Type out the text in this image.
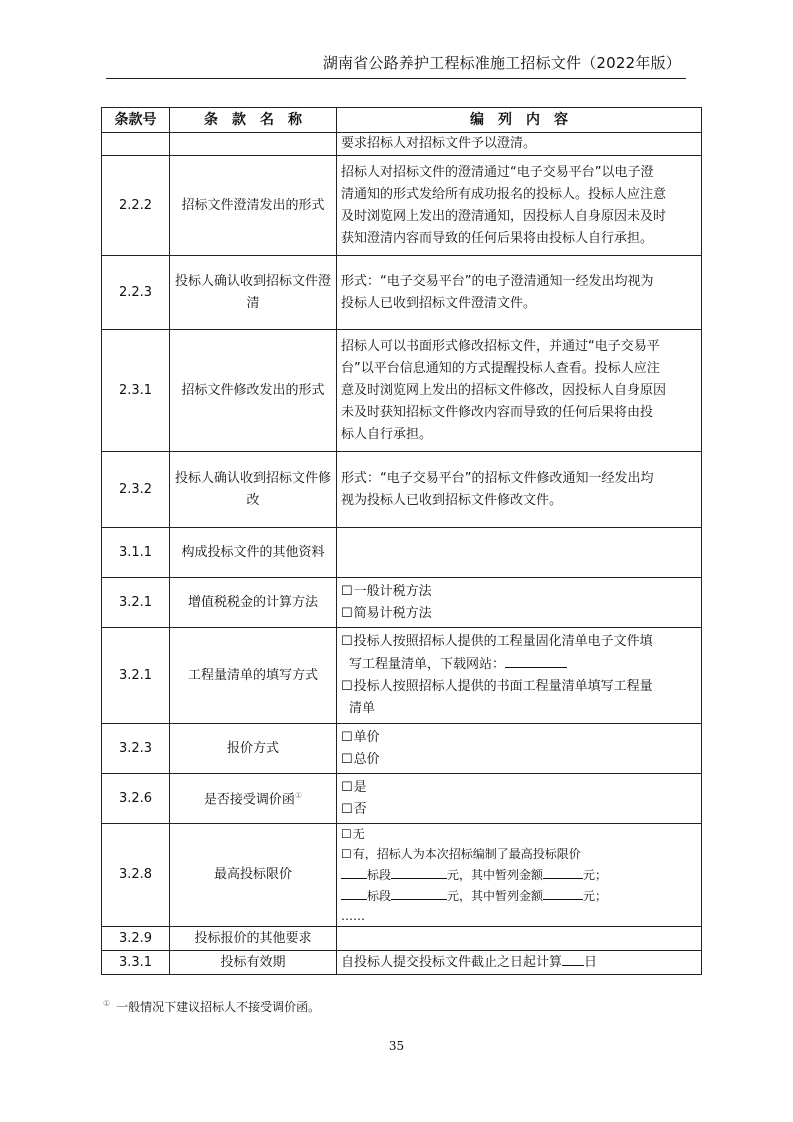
湖南省公路养护工程标准施工招标文件（2022年版）
条款号	条　款　名　称	编　列　内　容

		要求招标人对招标文件予以澄清。

2.2.2	招标文件澄清发出的形式	招标人对招标文件的澄清通过“电子交易平台”以电子澄
清通知的形式发给所有成功报名的投标人。投标人应注意
及时浏览网上发出的澄清通知，因投标人自身原因未及时
获知澄清内容而导致的任何后果将由投标人自行承担。

2.2.3	投标人确认收到招标文件澄清	形式：“电子交易平台”的电子澄清通知一经发出均视为
投标人已收到招标文件澄清文件。

2.3.1	招标文件修改发出的形式	招标人可以书面形式修改招标文件，并通过“电子交易平
台”以平台信息通知的方式提醒投标人查看。投标人应注
意及时浏览网上发出的招标文件修改，因投标人自身原因
未及时获知招标文件修改内容而导致的任何后果将由投
标人自行承担。

2.3.2	投标人确认收到招标文件修改	形式：“电子交易平台”的招标文件修改通知一经发出均
视为投标人已收到招标文件修改文件。

3.1.1	构成投标文件的其他资料	
3.2.1	增值税税金的计算方法	☐ 一般计税方法
☐ 简易计税方法

3.2.1	工程量清单的填写方式	☐ 投标人按照招标人提供的工程量固化清单电子文件填
写工程量清单，下载网站：
☐ 投标人按照招标人提供的书面工程量清单填写工程量
清单

3.2.3	报价方式	☐ 单价
☐ 总价

3.2.6	是否接受调价函①	☐ 是
☐ 否

3.2.8	最高投标限价	☐ 无
☐ 有，招标人为本次招标编制了最高投标限价
标段 元，其中暂列金额 元；
标段 元，其中暂列金额 元；
……

3.2.9	投标报价的其他要求	
3.3.1	投标有效期	自投标人提交投标文件截止之日起计算 日
① 一般情况下建议招标人不接受调价函。
35
